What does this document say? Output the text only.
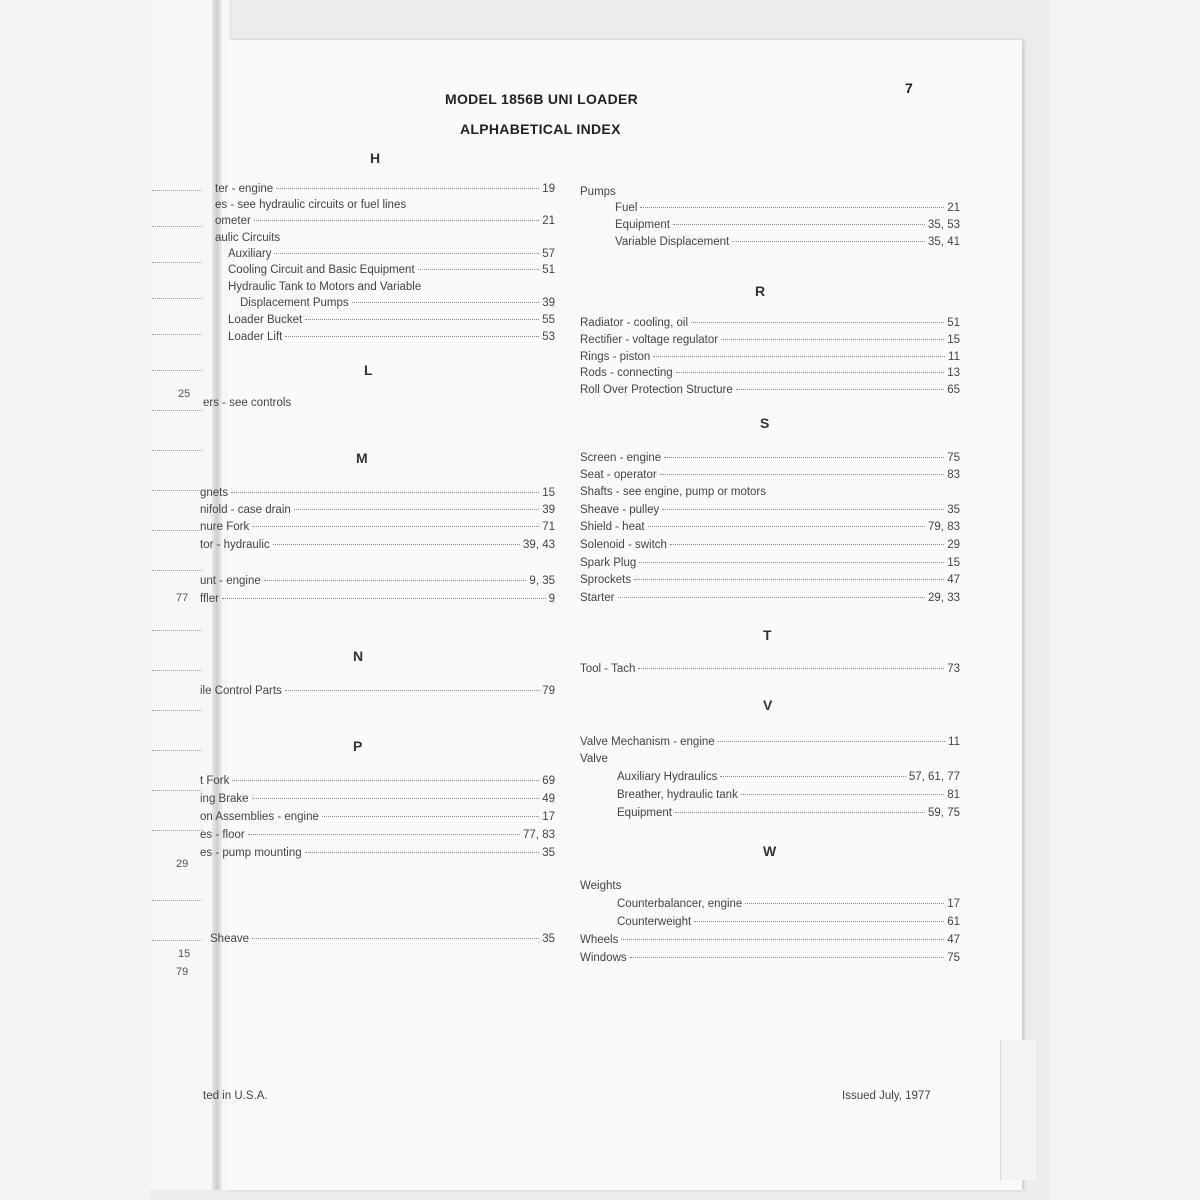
25
77
29
15
79
MODEL 1856B UNI LOADER
ALPHABETICAL INDEX
7
H
L
M
N
P
ter - engine	19
es - see hydraulic circuits or fuel lines
ometer	21
aulic Circuits
Auxiliary	57
Cooling Circuit and Basic Equipment	51
Hydraulic Tank to Motors and Variable
Displacement Pumps	39
Loader Bucket	55
Loader Lift	53
ers - see controls
gnets	15
nifold - case drain	39
nure Fork	71
tor - hydraulic	39, 43
unt - engine	9, 35
ffler	9
ile Control Parts	79
t Fork	69
ing Brake	49
on Assemblies - engine	17
es - floor	77, 83
es - pump mounting	35
Sheave	35
R
S
T
V
W
Pumps
Fuel	21
Equipment	35, 53
Variable Displacement	35, 41
Radiator - cooling, oil	51
Rectifier - voltage regulator	15
Rings - piston	11
Rods - connecting	13
Roll Over Protection Structure	65
Screen - engine	75
Seat - operator	83
Shafts - see engine, pump or motors
Sheave - pulley	35
Shield - heat	79, 83
Solenoid - switch	29
Spark Plug	15
Sprockets	47
Starter	29, 33
Tool - Tach	73
Valve Mechanism - engine	11
Valve
Auxiliary Hydraulics	57, 61, 77
Breather, hydraulic tank	81
Equipment	59, 75
Weights
Counterbalancer, engine	17
Counterweight	61
Wheels	47
Windows	75
ted in U.S.A.	Issued July, 1977
